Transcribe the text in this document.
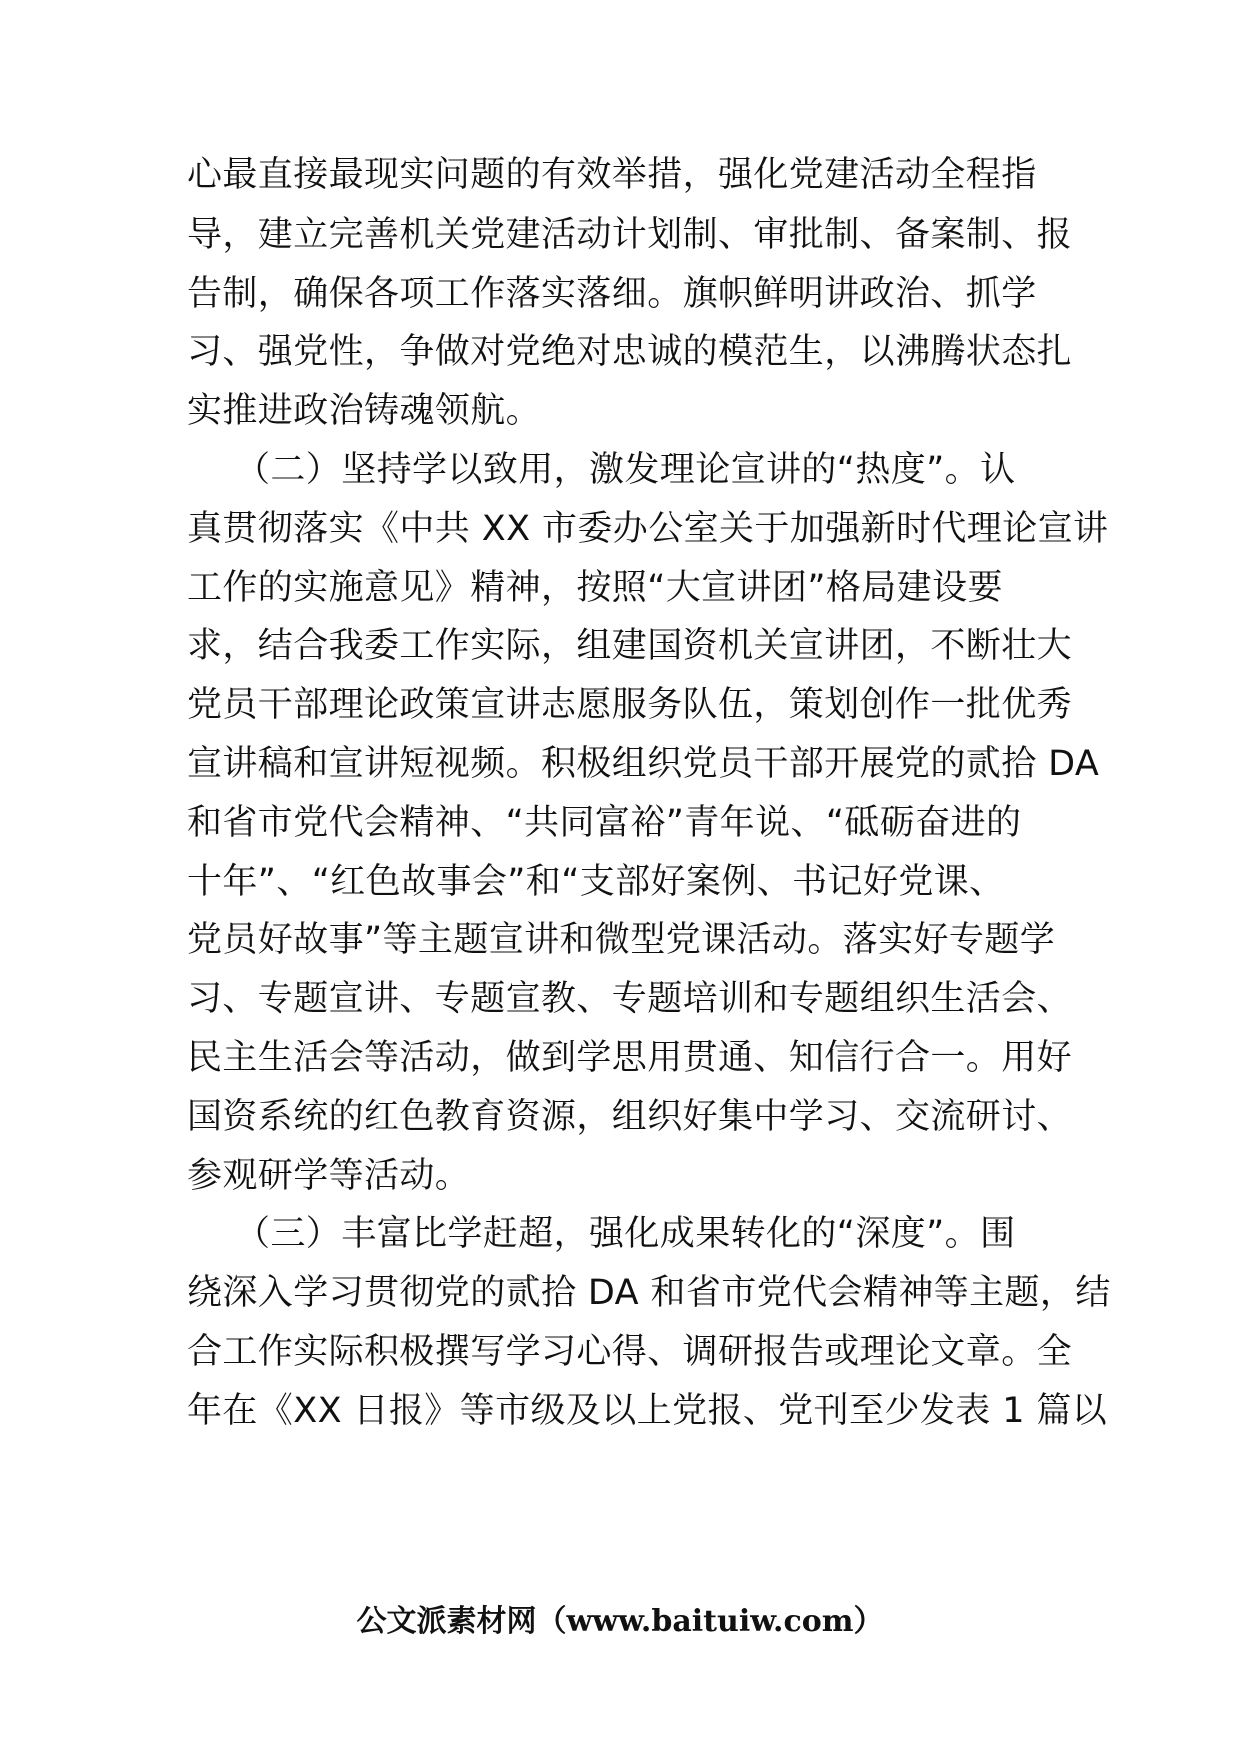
心最直接最现实问题的有效举措，强化党建活动全程指
导，建立完善机关党建活动计划制、审批制、备案制、报
告制，确保各项工作落实落细。旗帜鲜明讲政治、抓学
习、强党性，争做对党绝对忠诚的模范生，以沸腾状态扎
实推进政治铸魂领航。
（二）坚持学以致用，激发理论宣讲的“热度”。认
真贯彻落实《中共 XX 市委办公室关于加强新时代理论宣讲
工作的实施意见》精神，按照“大宣讲团”格局建设要
求，结合我委工作实际，组建国资机关宣讲团，不断壮大
党员干部理论政策宣讲志愿服务队伍，策划创作一批优秀
宣讲稿和宣讲短视频。积极组织党员干部开展党的贰拾 DA
和省市党代会精神、“共同富裕”青年说、“砥砺奋进的
十年”、“红色故事会”和“支部好案例、书记好党课、
党员好故事”等主题宣讲和微型党课活动。落实好专题学
习、专题宣讲、专题宣教、专题培训和专题组织生活会、
民主生活会等活动，做到学思用贯通、知信行合一。用好
国资系统的红色教育资源，组织好集中学习、交流研讨、
参观研学等活动。
（三）丰富比学赶超，强化成果转化的“深度”。围
绕深入学习贯彻党的贰拾 DA 和省市党代会精神等主题，结
合工作实际积极撰写学习心得、调研报告或理论文章。全
年在《XX 日报》等市级及以上党报、党刊至少发表 1 篇以
公文派素材网（www.baituiw.com）
